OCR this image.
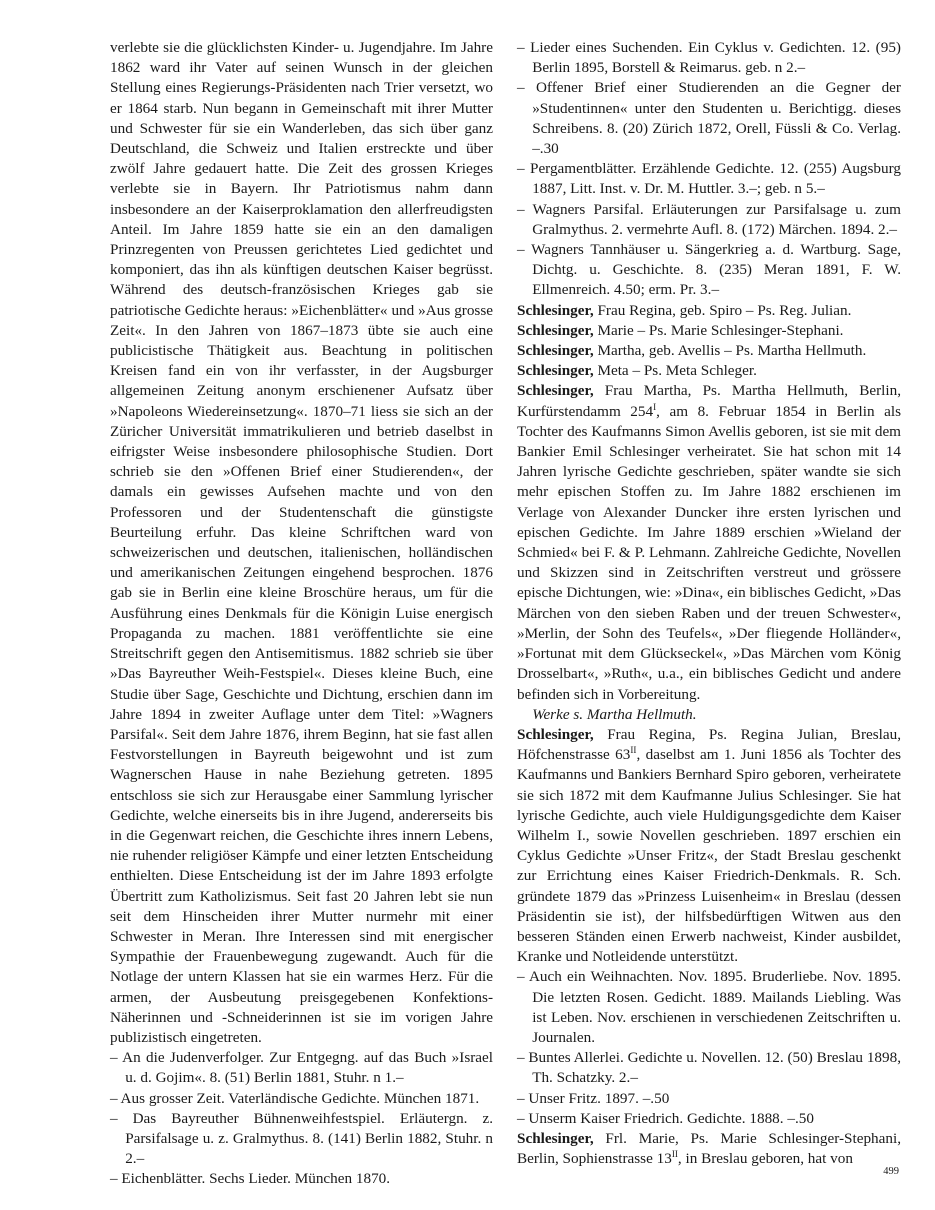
verlebte sie die glücklichsten Kinder- u. Jugendjahre. Im Jahre 1862 ward ihr Vater auf seinen Wunsch in der gleichen Stellung eines Regierungs-Präsidenten nach Trier versetzt, wo er 1864 starb. Nun begann in Gemeinschaft mit ihrer Mutter und Schwester für sie ein Wanderleben, das sich über ganz Deutschland, die Schweiz und Italien erstreckte und über zwölf Jahre gedauert hatte. Die Zeit des grossen Krieges verlebte sie in Bayern. Ihr Patriotismus nahm dann insbesondere an der Kaiserproklamation den allerfreudigsten Anteil. Im Jahre 1859 hatte sie ein an den damaligen Prinzregenten von Preussen gerichtetes Lied gedichtet und komponiert, das ihn als künftigen deutschen Kaiser begrüsst. Während des deutsch-französischen Krieges gab sie patriotische Gedichte heraus: »Eichenblätter« und »Aus grosse Zeit«. In den Jahren von 1867–1873 übte sie auch eine publicistische Thätigkeit aus. Beachtung in politischen Kreisen fand ein von ihr verfasster, in der Augsburger allgemeinen Zeitung anonym erschienener Aufsatz über »Napoleons Wiedereinsetzung«. 1870–71 liess sie sich an der Züricher Universität immatrikulieren und betrieb daselbst in eifrigster Weise insbesondere philosophische Studien. Dort schrieb sie den »Offenen Brief einer Studierenden«, der damals ein gewisses Aufsehen machte und von den Professoren und der Studentenschaft die günstigste Beurteilung erfuhr. Das kleine Schriftchen ward von schweizerischen und deutschen, italienischen, holländischen und amerikanischen Zeitungen eingehend besprochen. 1876 gab sie in Berlin eine kleine Broschüre heraus, um für die Ausführung eines Denkmals für die Königin Luise energisch Propaganda zu machen. 1881 veröffentlichte sie eine Streitschrift gegen den Antisemitismus. 1882 schrieb sie über »Das Bayreuther Weih-Festspiel«. Dieses kleine Buch, eine Studie über Sage, Geschichte und Dichtung, erschien dann im Jahre 1894 in zweiter Auflage unter dem Titel: »Wagners Parsifal«. Seit dem Jahre 1876, ihrem Beginn, hat sie fast allen Festvorstellungen in Bayreuth beigewohnt und ist zum Wagnerschen Hause in nahe Beziehung getreten. 1895 entschloss sie sich zur Herausgabe einer Sammlung lyrischer Gedichte, welche einerseits bis in ihre Jugend, andererseits bis in die Gegenwart reichen, die Geschichte ihres innern Lebens, nie ruhender religiöser Kämpfe und einer letzten Entscheidung enthielten. Diese Entscheidung ist der im Jahre 1893 erfolgte Übertritt zum Katholizismus. Seit fast 20 Jahren lebt sie nun seit dem Hinscheiden ihrer Mutter nurmehr mit einer Schwester in Meran. Ihre Interessen sind mit energischer Sympathie der Frauenbewegung zugewandt. Auch für die Notlage der untern Klassen hat sie ein warmes Herz. Für die armen, der Ausbeutung preisgegebenen Konfektions-Näherinnen und -Schneiderinnen ist sie im vorigen Jahre publizistisch eingetreten.

– An die Judenverfolger. Zur Entgegng. auf das Buch »Israel u. d. Gojim«. 8. (51) Berlin 1881, Stuhr. n 1.–

– Aus grosser Zeit. Vaterländische Gedichte. München 1871.

– Das Bayreuther Bühnenweihfestspiel. Erläutergn. z. Parsifalsage u. z. Gralmythus. 8. (141) Berlin 1882, Stuhr. n 2.–

– Eichenblätter. Sechs Lieder. München 1870.

– Lieder eines Suchenden. Ein Cyklus v. Gedichten. 12. (95) Berlin 1895, Borstell & Reimarus. geb. n 2.–

– Offener Brief einer Studierenden an die Gegner der »Studentinnen« unter den Studenten u. Berichtigg. dieses Schreibens. 8. (20) Zürich 1872, Orell, Füssli & Co. Verlag. –.30

– Pergamentblätter. Erzählende Gedichte. 12. (255) Augsburg 1887, Litt. Inst. v. Dr. M. Huttler. 3.–; geb. n 5.–

– Wagners Parsifal. Erläuterungen zur Parsifalsage u. zum Gralmythus. 2. vermehrte Aufl. 8. (172) Märchen. 1894. 2.–

– Wagners Tannhäuser u. Sängerkrieg a. d. Wartburg. Sage, Dichtg. u. Geschichte. 8. (235) Meran 1891, F. W. Ellmenreich. 4.50; erm. Pr. 3.–

Schlesinger, Frau Regina, geb. Spiro – Ps. Reg. Julian.

Schlesinger, Marie – Ps. Marie Schlesinger-Stephani.

Schlesinger, Martha, geb. Avellis – Ps. Martha Hellmuth.

Schlesinger, Meta – Ps. Meta Schleger.

Schlesinger, Frau Martha, Ps. Martha Hellmuth, Berlin, Kurfürstendamm $254^I$, am 8. Februar 1854 in Berlin als Tochter des Kaufmanns Simon Avellis geboren, ist sie mit dem Bankier Emil Schlesinger verheiratet. Sie hat schon mit 14 Jahren lyrische Gedichte geschrieben, später wandte sie sich mehr epischen Stoffen zu. Im Jahre 1882 erschienen im Verlage von Alexander Duncker ihre ersten lyrischen und epischen Gedichte. Im Jahre 1889 erschien »Wieland der Schmied« bei F. & P. Lehmann. Zahlreiche Gedichte, Novellen und Skizzen sind in Zeitschriften verstreut und grössere epische Dichtungen, wie: »Dina«, ein biblisches Gedicht, »Das Märchen von den sieben Raben und der treuen Schwester«, »Merlin, der Sohn des Teufels«, »Der fliegende Holländer«, »Fortunat mit dem Glückseckel«, »Das Märchen vom König Drosselbart«, »Ruth«, u.a., ein biblisches Gedicht und andere befinden sich in Vorbereitung.

Werke s. Martha Hellmuth.

Schlesinger, Frau Regina, Ps. Regina Julian, Breslau, Höfchenstrasse $63^{II}$, daselbst am 1. Juni 1856 als Tochter des Kaufmanns und Bankiers Bernhard Spiro geboren, verheiratete sie sich 1872 mit dem Kaufmanne Julius Schlesinger. Sie hat lyrische Gedichte, auch viele Huldigungsgedichte dem Kaiser Wilhelm I., sowie Novellen geschrieben. 1897 erschien ein Cyklus Gedichte »Unser Fritz«, der Stadt Breslau geschenkt zur Errichtung eines Kaiser Friedrich-Denkmals. R. Sch. gründete 1879 das »Prinzess Luisenheim« in Breslau (dessen Präsidentin sie ist), der hilfsbedürftigen Witwen aus den besseren Ständen einen Erwerb nachweist, Kinder ausbildet, Kranke und Notleidende unterstützt.

– Auch ein Weihnachten. Nov. 1895. Bruderliebe. Nov. 1895. Die letzten Rosen. Gedicht. 1889. Mailands Liebling. Was ist Leben. Nov. erschienen in verschiedenen Zeitschriften u. Journalen.

– Buntes Allerlei. Gedichte u. Novellen. 12. (50) Breslau 1898, Th. Schatzky. 2.–

– Unser Fritz. 1897. –.50

– Unserm Kaiser Friedrich. Gedichte. 1888. –.50

Schlesinger, Frl. Marie, Ps. Marie Schlesinger-Stephani, Berlin, Sophienstrasse $13^{II}$, in Breslau geboren, hat von

499
